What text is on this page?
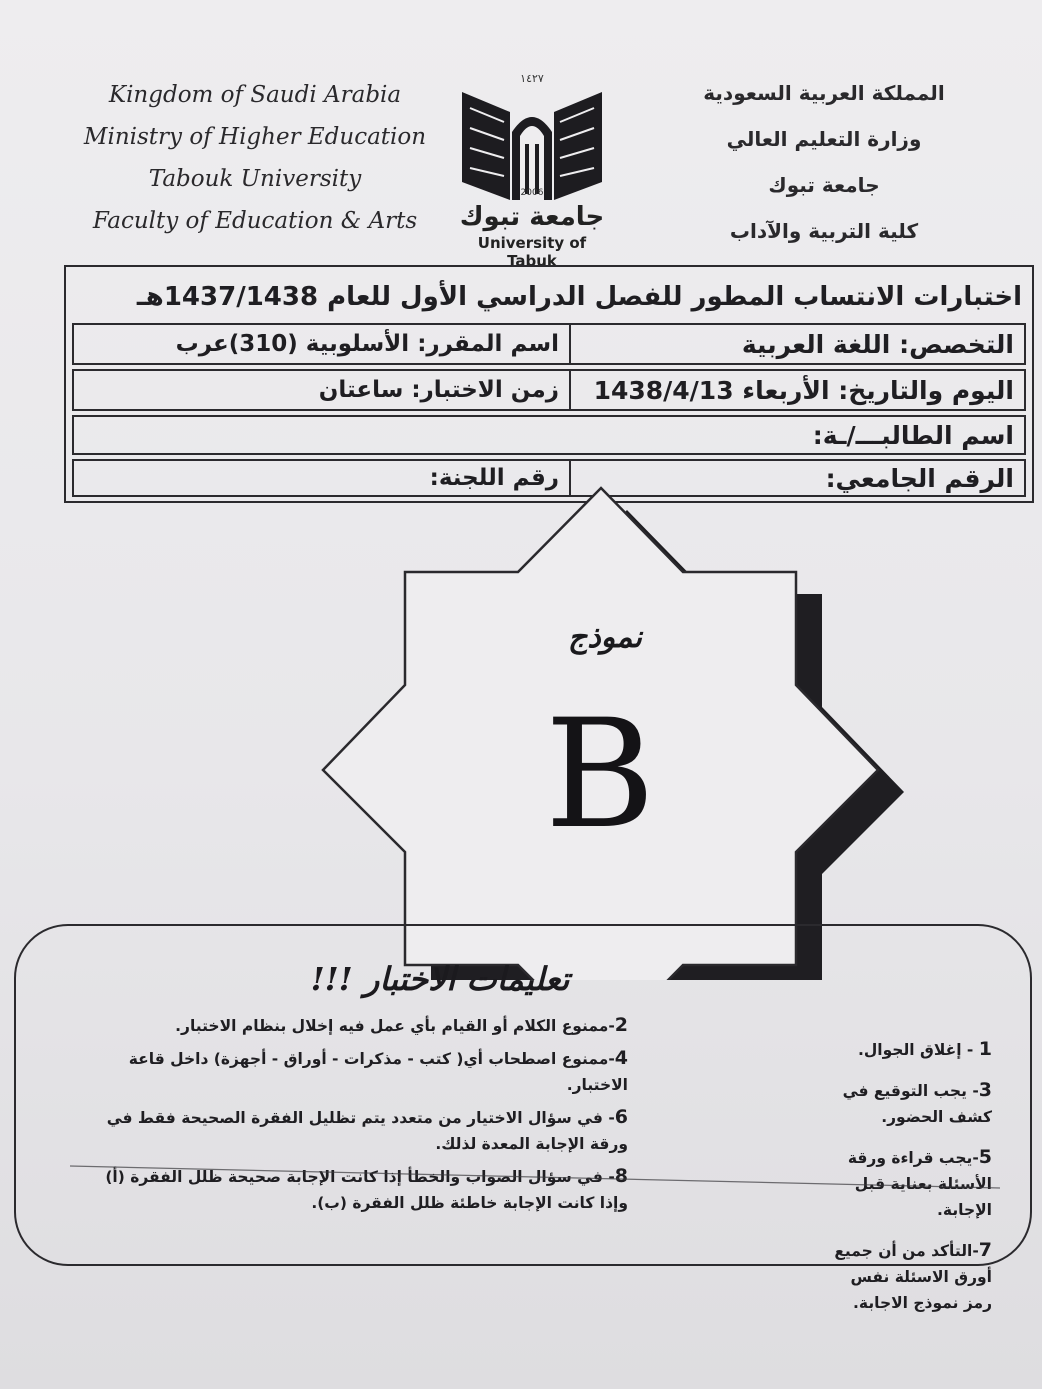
Kingdom of Saudi Arabia
Ministry of Higher Education
Tabouk University
Faculty of Education & Arts
١٤٢٧
2006
جامعة تبوك
University of Tabuk
المملكة العربية السعودية
وزارة التعليم العالي
جامعة تبوك
كلية التربية والآداب
اختبارات الانتساب المطور للفصل الدراسي الأول للعام 1437/1438هـ
التخصص: اللغة العربية
اسم المقرر: الأسلوبية (310)عرب
اليوم والتاريخ: الأربعاء 1438/4/13
زمن الاختبار: ساعتان
اسم الطالبـــ/ـة:
الرقم الجامعي:
رقم اللجنة:
نموذج
B
تعليمات الاختبار !!!
2-ممنوع الكلام أو القيام بأي عمل فيه إخلال بنظام الاختبار.
4-ممنوع اصطحاب أي( كتب - مذكرات - أوراق - أجهزة) داخل قاعة الاختبار.
6- في سؤال الاختيار من متعدد يتم تظليل الفقرة الصحيحة فقط في ورقة الإجابة المعدة لذلك.
8- في سؤال الصواب والخطأ إذا كانت الإجابة صحيحة ظلل الفقرة (أ) وإذا كانت الإجابة خاطئة ظلل الفقرة (ب).
1 - إغلاق الجوال.
3- يجب التوقيع في كشف الحضور.
5-يجب قراءة ورقة الأسئلة بعناية قبل الإجابة.
7-التأكد من أن جميع أورق الاسئلة نفس رمز نموذج الاجابة.
